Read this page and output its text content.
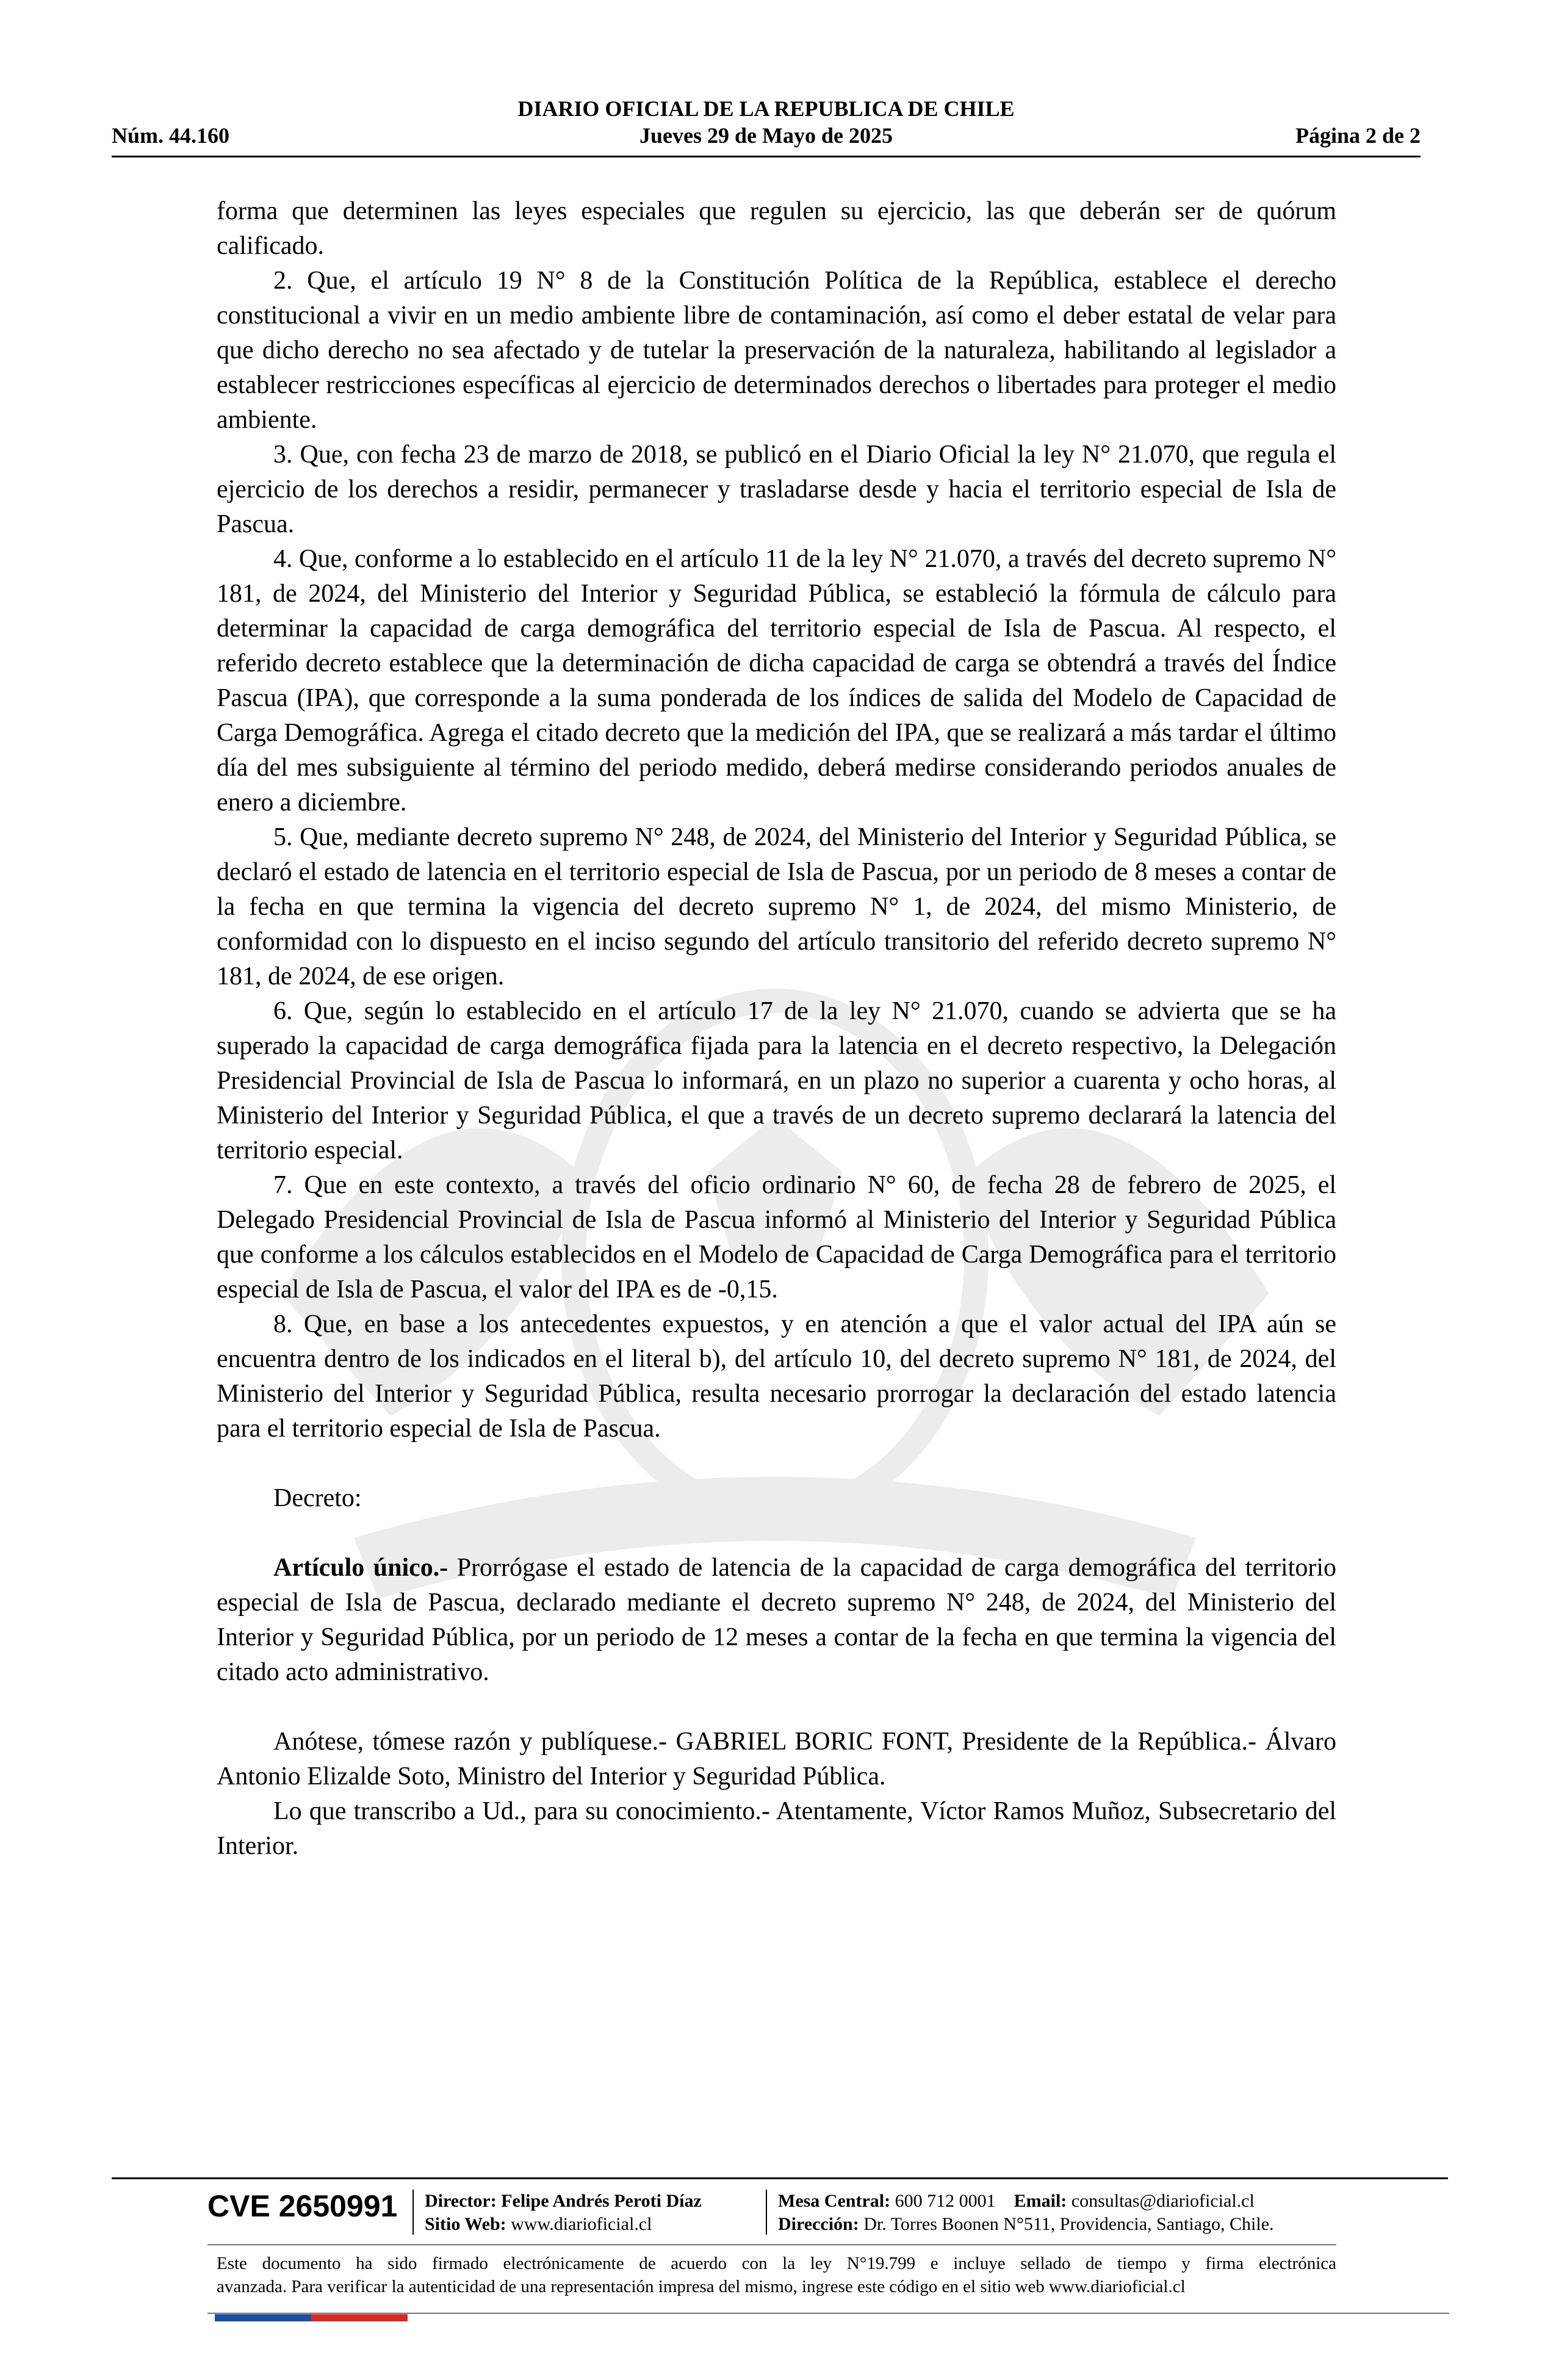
DIARIO OFICIAL DE LA REPUBLICA DE CHILE
Núm. 44.160	Jueves 29 de Mayo de 2025	Página 2 de 2

forma que determinen las leyes especiales que regulen su ejercicio, las que deberán ser de quórum calificado.

2. Que, el artículo 19 N° 8 de la Constitución Política de la República, establece el derecho constitucional a vivir en un medio ambiente libre de contaminación, así como el deber estatal de velar para que dicho derecho no sea afectado y de tutelar la preservación de la naturaleza, habilitando al legislador a establecer restricciones específicas al ejercicio de determinados derechos o libertades para proteger el medio ambiente.

3. Que, con fecha 23 de marzo de 2018, se publicó en el Diario Oficial la ley N° 21.070, que regula el ejercicio de los derechos a residir, permanecer y trasladarse desde y hacia el territorio especial de Isla de Pascua.

4. Que, conforme a lo establecido en el artículo 11 de la ley N° 21.070, a través del decreto supremo N° 181, de 2024, del Ministerio del Interior y Seguridad Pública, se estableció la fórmula de cálculo para determinar la capacidad de carga demográfica del territorio especial de Isla de Pascua. Al respecto, el referido decreto establece que la determinación de dicha capacidad de carga se obtendrá a través del Índice Pascua (IPA), que corresponde a la suma ponderada de los índices de salida del Modelo de Capacidad de Carga Demográfica. Agrega el citado decreto que la medición del IPA, que se realizará a más tardar el último día del mes subsiguiente al término del periodo medido, deberá medirse considerando periodos anuales de enero a diciembre.

5. Que, mediante decreto supremo N° 248, de 2024, del Ministerio del Interior y Seguridad Pública, se declaró el estado de latencia en el territorio especial de Isla de Pascua, por un periodo de 8 meses a contar de la fecha en que termina la vigencia del decreto supremo N° 1, de 2024, del mismo Ministerio, de conformidad con lo dispuesto en el inciso segundo del artículo transitorio del referido decreto supremo N° 181, de 2024, de ese origen.

6. Que, según lo establecido en el artículo 17 de la ley N° 21.070, cuando se advierta que se ha superado la capacidad de carga demográfica fijada para la latencia en el decreto respectivo, la Delegación Presidencial Provincial de Isla de Pascua lo informará, en un plazo no superior a cuarenta y ocho horas, al Ministerio del Interior y Seguridad Pública, el que a través de un decreto supremo declarará la latencia del territorio especial.

7. Que en este contexto, a través del oficio ordinario N° 60, de fecha 28 de febrero de 2025, el Delegado Presidencial Provincial de Isla de Pascua informó al Ministerio del Interior y Seguridad Pública que conforme a los cálculos establecidos en el Modelo de Capacidad de Carga Demográfica para el territorio especial de Isla de Pascua, el valor del IPA es de -0,15.

8. Que, en base a los antecedentes expuestos, y en atención a que el valor actual del IPA aún se encuentra dentro de los indicados en el literal b), del artículo 10, del decreto supremo N° 181, de 2024, del Ministerio del Interior y Seguridad Pública, resulta necesario prorrogar la declaración del estado latencia para el territorio especial de Isla de Pascua.

Decreto:

Artículo único.- Prorrógase el estado de latencia de la capacidad de carga demográfica del territorio especial de Isla de Pascua, declarado mediante el decreto supremo N° 248, de 2024, del Ministerio del Interior y Seguridad Pública, por un periodo de 12 meses a contar de la fecha en que termina la vigencia del citado acto administrativo.

Anótese, tómese razón y publíquese.- GABRIEL BORIC FONT, Presidente de la República.- Álvaro Antonio Elizalde Soto, Ministro del Interior y Seguridad Pública.

Lo que transcribo a Ud., para su conocimiento.- Atentamente, Víctor Ramos Muñoz, Subsecretario del Interior.

CVE 2650991 Director: Felipe Andrés Peroti Díaz
Sitio Web: www.diarioficial.cl
Mesa Central: 600 712 0001 Email: consultas@diarioficial.cl
Dirección: Dr. Torres Boonen N°511, Providencia, Santiago, Chile.
Este documento ha sido firmado electrónicamente de acuerdo con la ley N°19.799 e incluye sellado de tiempo y firma electrónica
avanzada. Para verificar la autenticidad de una representación impresa del mismo, ingrese este código en el sitio web www.diarioficial.cl
